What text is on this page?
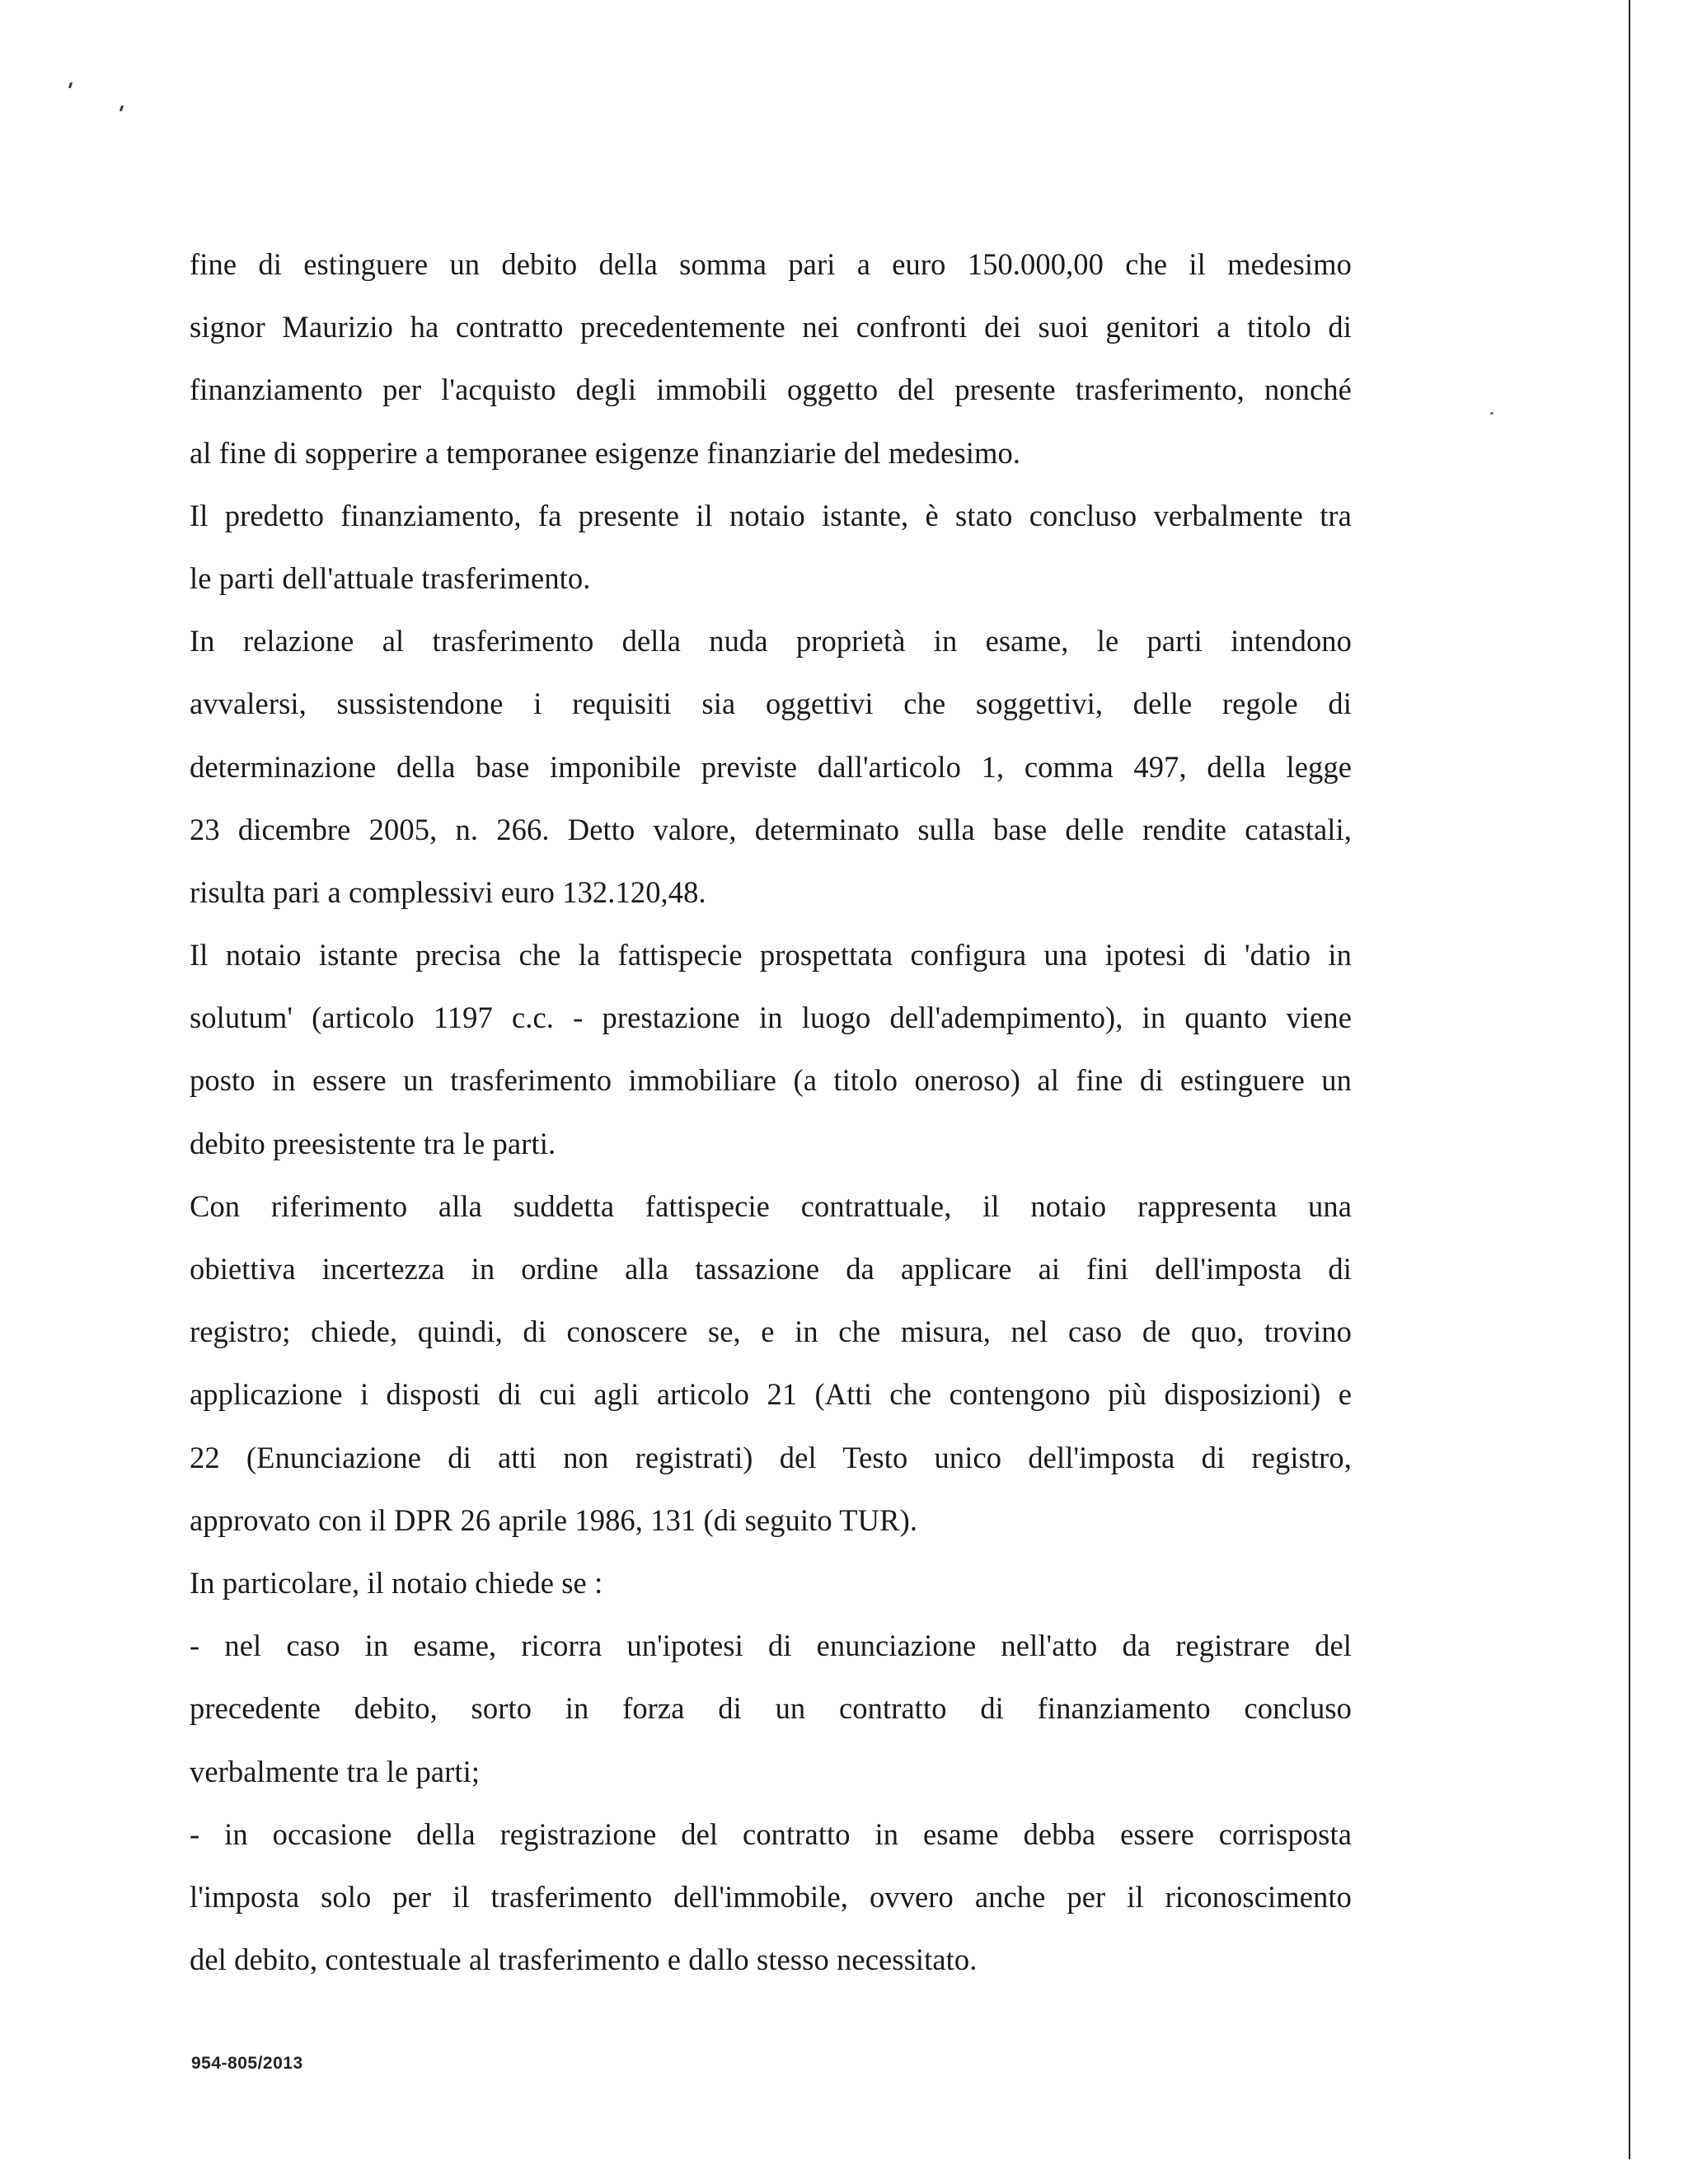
fine di estinguere un debito della somma pari a euro 150.000,00 che il medesimo
signor Maurizio ha contratto precedentemente nei confronti dei suoi genitori a titolo di
finanziamento per l'acquisto degli immobili oggetto del presente trasferimento, nonché
al fine di sopperire a temporanee esigenze finanziarie del medesimo.
Il predetto finanziamento, fa presente il notaio istante, è stato concluso verbalmente tra
le parti dell'attuale trasferimento.
In relazione al trasferimento della nuda proprietà in esame, le parti intendono
avvalersi, sussistendone i requisiti sia oggettivi che soggettivi, delle regole di
determinazione della base imponibile previste dall'articolo 1, comma 497, della legge
23 dicembre 2005, n. 266. Detto valore, determinato sulla base delle rendite catastali,
risulta pari a complessivi euro 132.120,48.
Il notaio istante precisa che la fattispecie prospettata configura una ipotesi di 'datio in
solutum' (articolo 1197 c.c. - prestazione in luogo dell'adempimento), in quanto viene
posto in essere un trasferimento immobiliare (a titolo oneroso) al fine di estinguere un
debito preesistente tra le parti.
Con riferimento alla suddetta fattispecie contrattuale, il notaio rappresenta una
obiettiva incertezza in ordine alla tassazione da applicare ai fini dell'imposta di
registro; chiede, quindi, di conoscere se, e in che misura, nel caso de quo, trovino
applicazione i disposti di cui agli articolo 21 (Atti che contengono più disposizioni) e
22 (Enunciazione di atti non registrati) del Testo unico dell'imposta di registro,
approvato con il DPR 26 aprile 1986, 131 (di seguito TUR).
In particolare, il notaio chiede se :
- nel caso in esame, ricorra un'ipotesi di enunciazione nell'atto da registrare del
precedente debito, sorto in forza di un contratto di finanziamento concluso
verbalmente tra le parti;
- in occasione della registrazione del contratto in esame debba essere corrisposta
l'imposta solo per il trasferimento dell'immobile, ovvero anche per il riconoscimento
del debito, contestuale al trasferimento e dallo stesso necessitato.
954-805/2013
